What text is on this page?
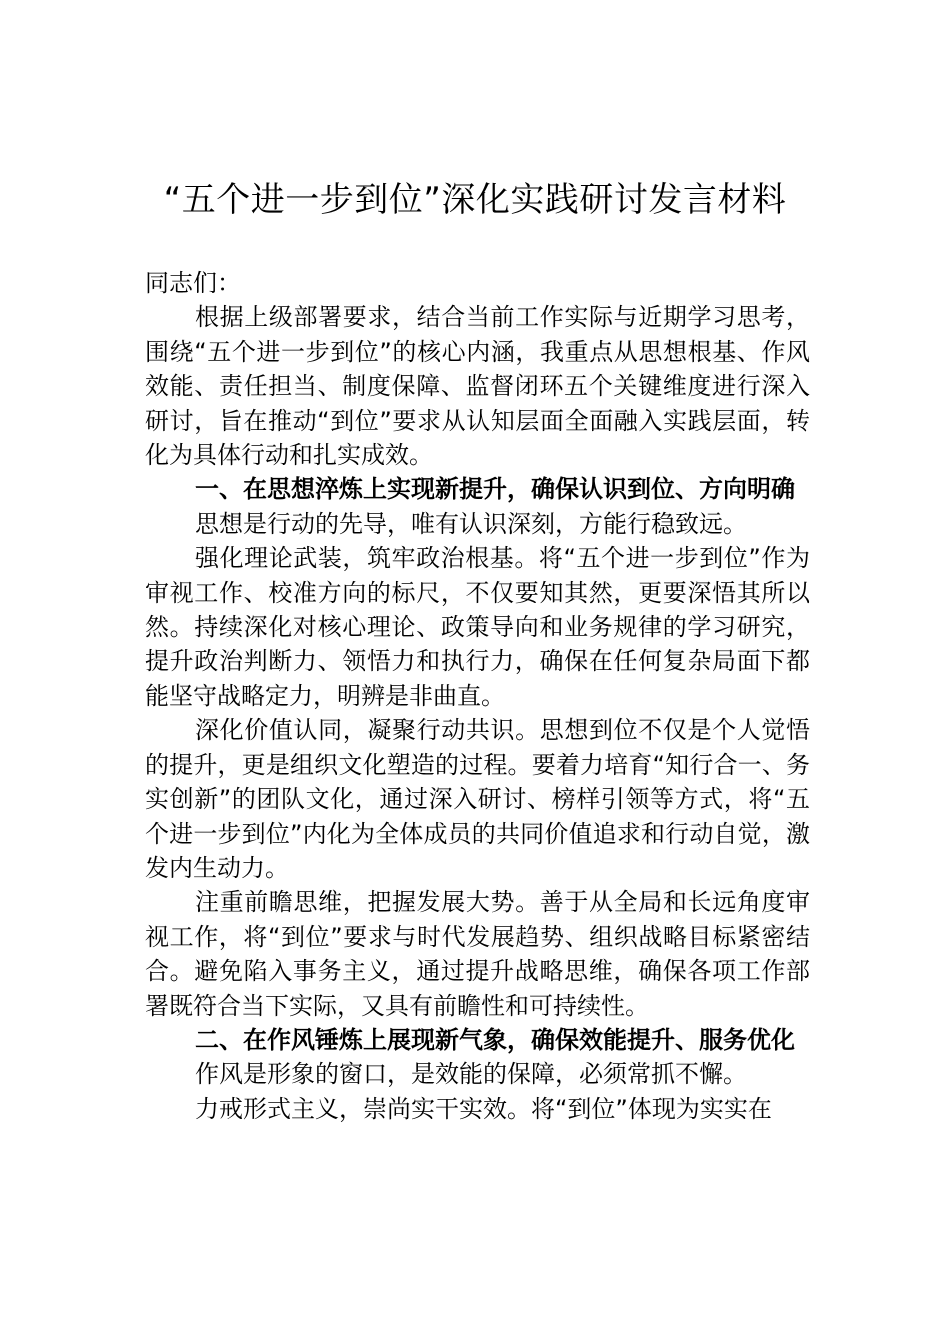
“五个进一步到位”深化实践研讨发言材料

同志们：

根据上级部署要求，结合当前工作实际与近期学习思考，围绕“五个进一步到位”的核心内涵，我重点从思想根基、作风效能、责任担当、制度保障、监督闭环五个关键维度进行深入研讨，旨在推动“到位”要求从认知层面全面融入实践层面，转化为具体行动和扎实成效。

一、在思想淬炼上实现新提升，确保认识到位、方向明确

思想是行动的先导，唯有认识深刻，方能行稳致远。

强化理论武装，筑牢政治根基。将“五个进一步到位”作为审视工作、校准方向的标尺，不仅要知其然，更要深悟其所以然。持续深化对核心理论、政策导向和业务规律的学习研究，提升政治判断力、领悟力和执行力，确保在任何复杂局面下都能坚守战略定力，明辨是非曲直。

深化价值认同，凝聚行动共识。思想到位不仅是个人觉悟的提升，更是组织文化塑造的过程。要着力培育“知行合一、务实创新”的团队文化，通过深入研讨、榜样引领等方式，将“五个进一步到位”内化为全体成员的共同价值追求和行动自觉，激发内生动力。

注重前瞻思维，把握发展大势。善于从全局和长远角度审视工作，将“到位”要求与时代发展趋势、组织战略目标紧密结合。避免陷入事务主义，通过提升战略思维，确保各项工作部署既符合当下实际，又具有前瞻性和可持续性。

二、在作风锤炼上展现新气象，确保效能提升、服务优化

作风是形象的窗口，是效能的保障，必须常抓不懈。

力戒形式主义，崇尚实干实效。将“到位”体现为实实在
